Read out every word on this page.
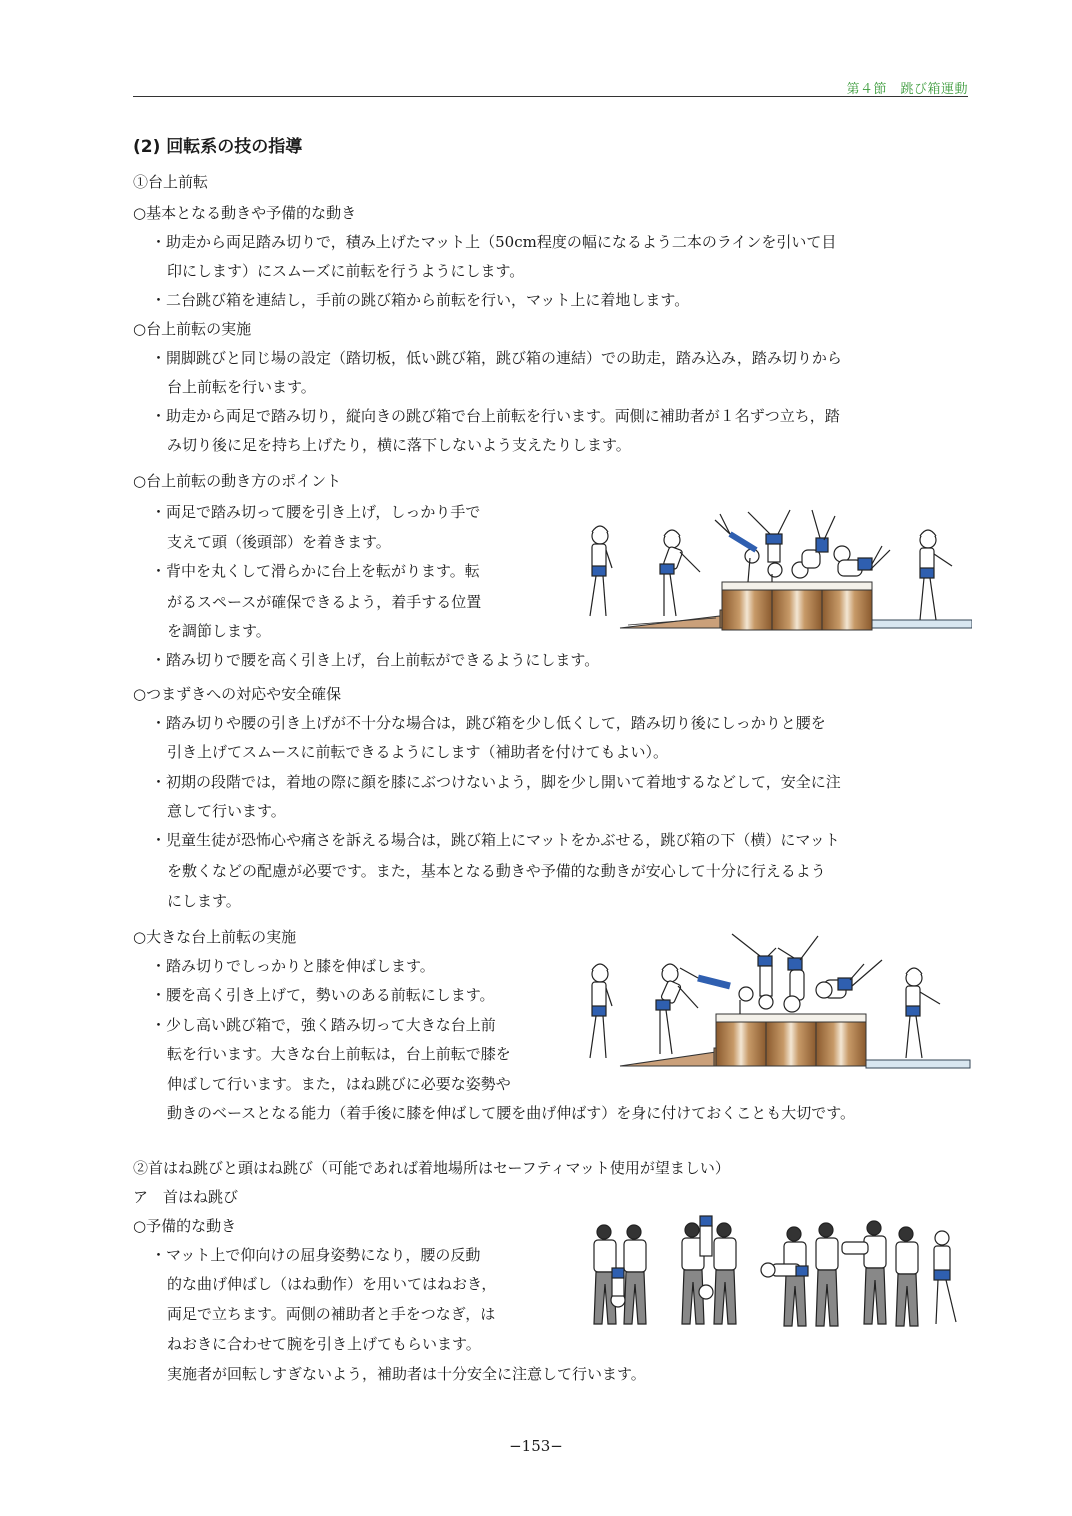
第４節　跳び箱運動
(2) 回転系の技の指導
①台上前転
○基本となる動きや予備的な動き
・助走から両足踏み切りで，積み上げたマット上（50cm程度の幅になるよう二本のラインを引いて目
印にします）にスムーズに前転を行うようにします。
・二台跳び箱を連結し，手前の跳び箱から前転を行い，マット上に着地します。
○台上前転の実施
・開脚跳びと同じ場の設定（踏切板，低い跳び箱，跳び箱の連結）での助走，踏み込み，踏み切りから
台上前転を行います。
・助走から両足で踏み切り，縦向きの跳び箱で台上前転を行います。両側に補助者が１名ずつ立ち，踏
み切り後に足を持ち上げたり，横に落下しないよう支えたりします。
○台上前転の動き方のポイント
・両足で踏み切って腰を引き上げ，しっかり手で
支えて頭（後頭部）を着きます。
・背中を丸くして滑らかに台上を転がります。転
がるスペースが確保できるよう，着手する位置
を調節します。
・踏み切りで腰を高く引き上げ，台上前転ができるようにします。
○つまずきへの対応や安全確保
・踏み切りや腰の引き上げが不十分な場合は，跳び箱を少し低くして，踏み切り後にしっかりと腰を
引き上げてスムースに前転できるようにします（補助者を付けてもよい）。
・初期の段階では，着地の際に顔を膝にぶつけないよう，脚を少し開いて着地するなどして，安全に注
意して行います。
・児童生徒が恐怖心や痛さを訴える場合は，跳び箱上にマットをかぶせる，跳び箱の下（横）にマット
を敷くなどの配慮が必要です。また，基本となる動きや予備的な動きが安心して十分に行えるよう
にします。
○大きな台上前転の実施
・踏み切りでしっかりと膝を伸ばします。
・腰を高く引き上げて，勢いのある前転にします。
・少し高い跳び箱で，強く踏み切って大きな台上前
転を行います。大きな台上前転は，台上前転で膝を
伸ばして行います。また，はね跳びに必要な姿勢や
動きのベースとなる能力（着手後に膝を伸ばして腰を曲げ伸ばす）を身に付けておくことも大切です。
②首はね跳びと頭はね跳び（可能であれば着地場所はセーフティマット使用が望ましい）
ア　首はね跳び
○予備的な動き
・マット上で仰向けの屈身姿勢になり，腰の反動
的な曲げ伸ばし（はね動作）を用いてはねおき，
両足で立ちます。両側の補助者と手をつなぎ，は
ねおきに合わせて腕を引き上げてもらいます。
実施者が回転しすぎないよう，補助者は十分安全に注意して行います。
−153−
